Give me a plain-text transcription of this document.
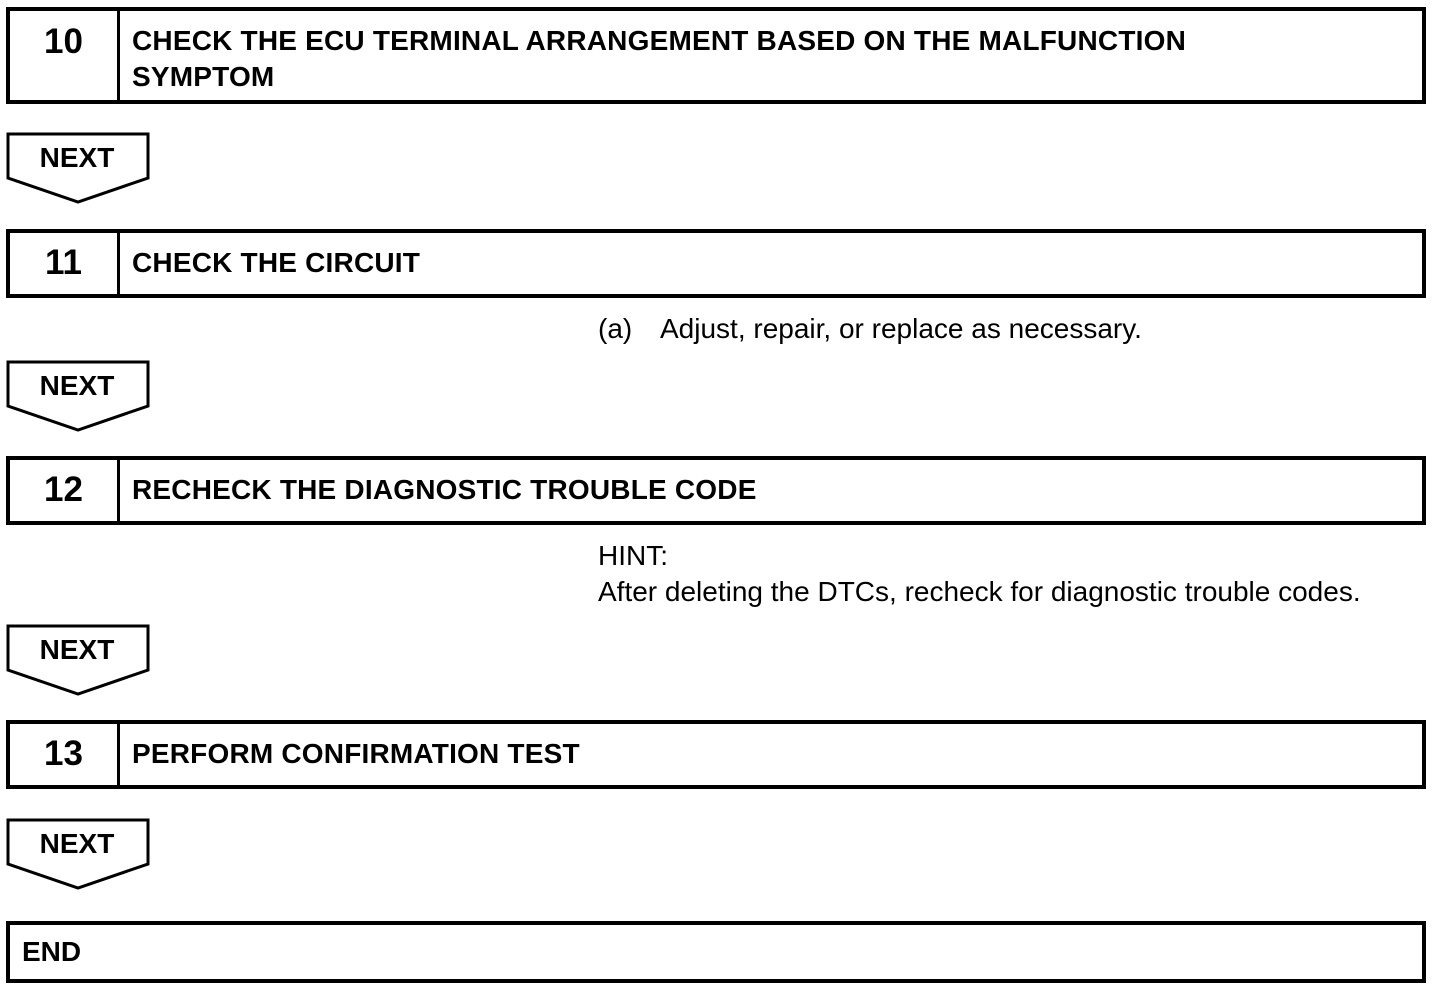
10	CHECK THE ECU TERMINAL ARRANGEMENT BASED ON THE MALFUNCTION
SYMPTOM
NEXT
11	CHECK THE CIRCUIT
(a) Adjust, repair, or replace as necessary.
NEXT
12	RECHECK THE DIAGNOSTIC TROUBLE CODE
HINT:
After deleting the DTCs, recheck for diagnostic trouble codes.
NEXT
13	PERFORM CONFIRMATION TEST
NEXT
END
